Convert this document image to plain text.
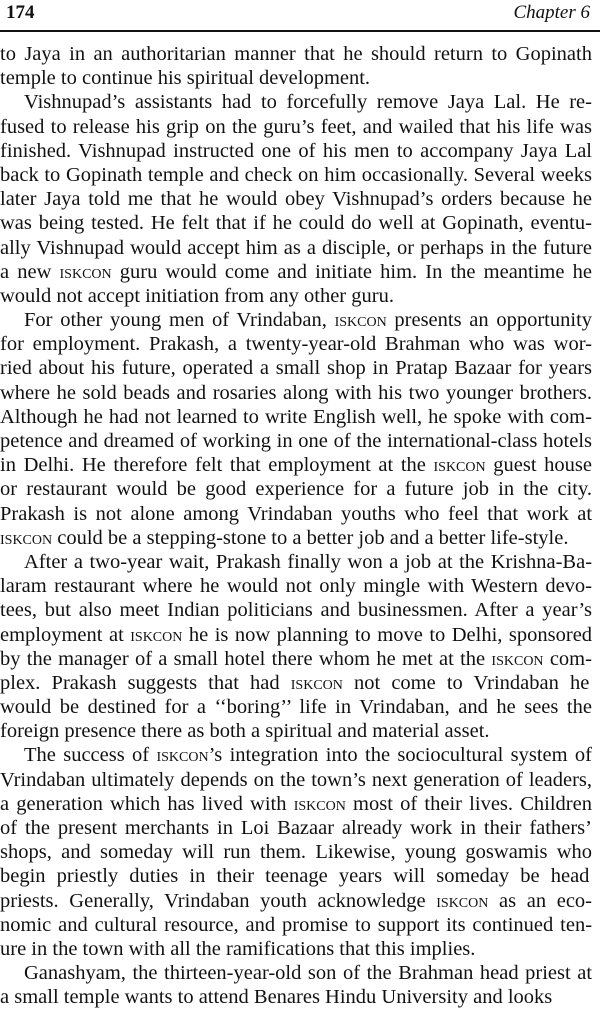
174	Chapter 6
to Jaya in an authoritarian manner that he should return to Gopinath
temple to continue his spiritual development.
Vishnupad’s assistants had to forcefully remove Jaya Lal. He re-
fused to release his grip on the guru’s feet, and wailed that his life was
finished. Vishnupad instructed one of his men to accompany Jaya Lal
back to Gopinath temple and check on him occasionally. Several weeks
later Jaya told me that he would obey Vishnupad’s orders because he
was being tested. He felt that if he could do well at Gopinath, eventu-
ally Vishnupad would accept him as a disciple, or perhaps in the future
a new iskcon guru would come and initiate him. In the meantime he
would not accept initiation from any other guru.
For other young men of Vrindaban, iskcon presents an opportunity
for employment. Prakash, a twenty-year-old Brahman who was wor-
ried about his future, operated a small shop in Pratap Bazaar for years
where he sold beads and rosaries along with his two younger brothers.
Although he had not learned to write English well, he spoke with com-
petence and dreamed of working in one of the international-class hotels
in Delhi. He therefore felt that employment at the iskcon guest house
or restaurant would be good experience for a future job in the city.
Prakash is not alone among Vrindaban youths who feel that work at
iskcon could be a stepping-stone to a better job and a better life-style.
After a two-year wait, Prakash finally won a job at the Krishna-Ba-
laram restaurant where he would not only mingle with Western devo-
tees, but also meet Indian politicians and businessmen. After a year’s
employment at iskcon he is now planning to move to Delhi, sponsored
by the manager of a small hotel there whom he met at the iskcon com-
plex. Prakash suggests that had iskcon not come to Vrindaban he
would be destined for a ‘‘boring’’ life in Vrindaban, and he sees the
foreign presence there as both a spiritual and material asset.
The success of iskcon’s integration into the sociocultural system of
Vrindaban ultimately depends on the town’s next generation of leaders,
a generation which has lived with iskcon most of their lives. Children
of the present merchants in Loi Bazaar already work in their fathers’
shops, and someday will run them. Likewise, young goswamis who
begin priestly duties in their teenage years will someday be head
priests. Generally, Vrindaban youth acknowledge iskcon as an eco-
nomic and cultural resource, and promise to support its continued ten-
ure in the town with all the ramifications that this implies.
Ganashyam, the thirteen-year-old son of the Brahman head priest at
a small temple wants to attend Benares Hindu University and looks
